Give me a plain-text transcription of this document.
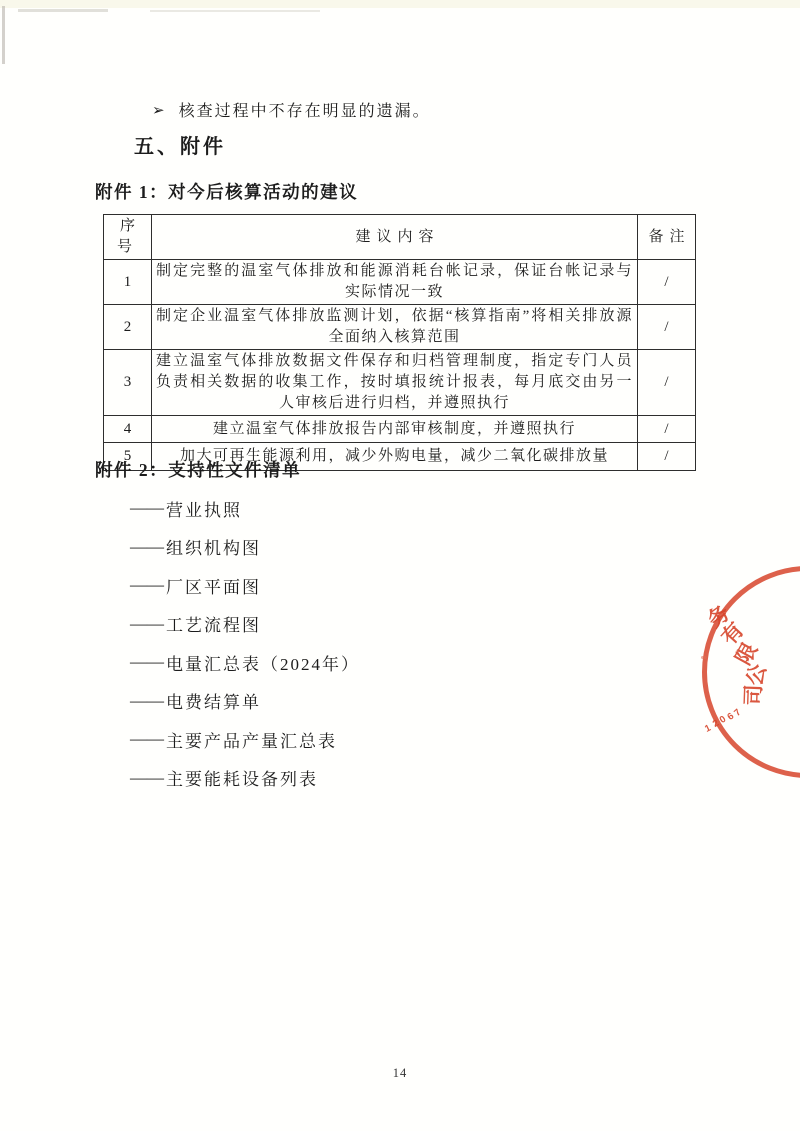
➢ 核查过程中不存在明显的遗漏。
五、附件
附件 1：对今后核算活动的建议
序号	建议内容	备注
1	制定完整的温室气体排放和能源消耗台帐记录，保证台帐记录与实际情况一致	/
2	制定企业温室气体排放监测计划，依据“核算指南”将相关排放源全面纳入核算范围	/
3	建立温室气体排放数据文件保存和归档管理制度，指定专门人员负责相关数据的收集工作，按时填报统计报表，每月底交由另一人审核后进行归档，并遵照执行	/
4	建立温室气体排放报告内部审核制度，并遵照执行	/
5	加大可再生能源利用，减少外购电量，减少二氧化碳排放量	/
附件 2：支持性文件清单
—— 营业执照
—— 组织机构图
—— 厂区平面图
—— 工艺流程图
—— 电量汇总表（2024年）
—— 电费结算单
—— 主要产品产量汇总表
—— 主要能耗设备列表
务
有
限
公
司
1
2
0
6
7
14
